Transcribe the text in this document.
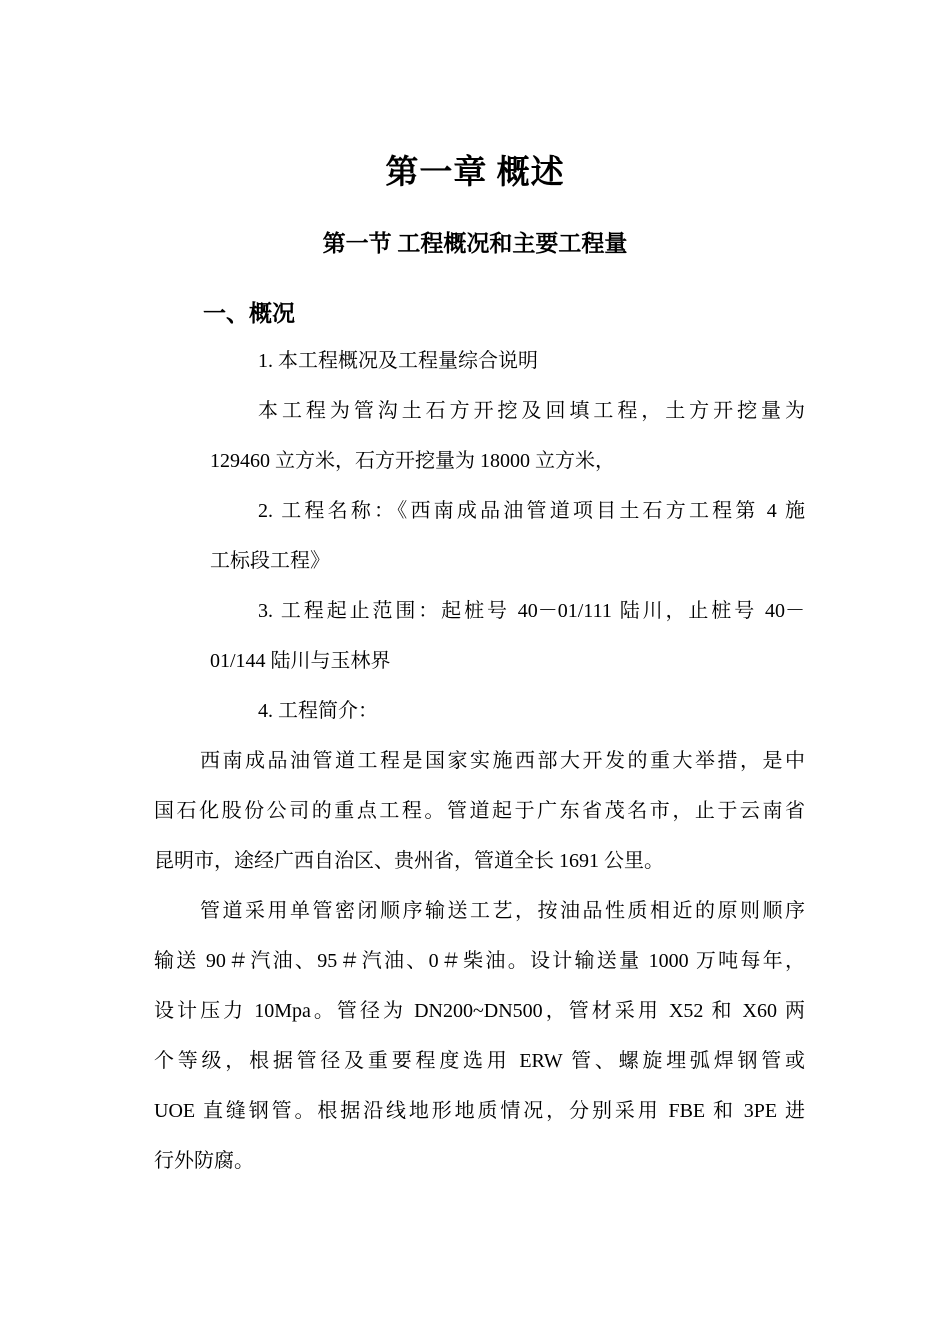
第一章 概述
第一节 工程概况和主要工程量
一、概况
1. 本工程概况及工程量综合说明
本工程为管沟土石方开挖及回填工程，土方开挖量为
129460 立方米，石方开挖量为 18000 立方米，
2. 工程名称：《西南成品油管道项目土石方工程第 4 施
工标段工程》
3. 工程起止范围：起桩号 40－01/111 陆川，止桩号 40－
01/144 陆川与玉林界
4. 工程简介：
西南成品油管道工程是国家实施西部大开发的重大举措，是中
国石化股份公司的重点工程。管道起于广东省茂名市，止于云南省
昆明市，途经广西自治区、贵州省，管道全长 1691 公里。
管道采用单管密闭顺序输送工艺，按油品性质相近的原则顺序
输送 90＃汽油、95＃汽油、0＃柴油。设计输送量 1000 万吨每年，
设计压力 10Mpa。管径为 DN200~DN500，管材采用 X52 和 X60 两
个等级，根据管径及重要程度选用 ERW 管、螺旋埋弧焊钢管或
UOE 直缝钢管。根据沿线地形地质情况，分别采用 FBE 和 3PE 进
行外防腐。
